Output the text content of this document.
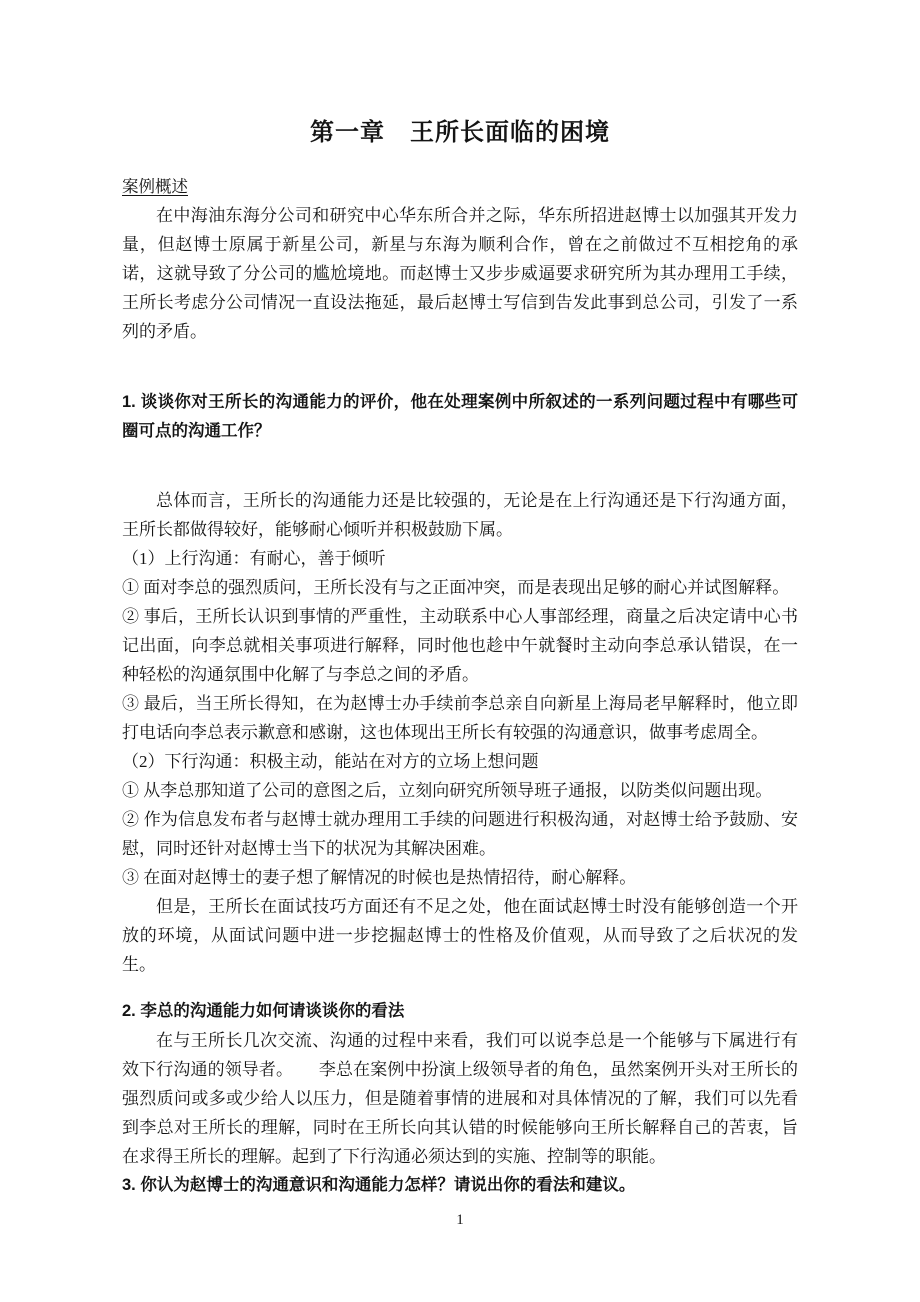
第一章　王所长面临的困境
案例概述

在中海油东海分公司和研究中心华东所合并之际，华东所招进赵博士以加强其开发力量，但赵博士原属于新星公司，新星与东海为顺利合作，曾在之前做过不互相挖角的承诺，这就导致了分公司的尴尬境地。而赵博士又步步威逼要求研究所为其办理用工手续，王所长考虑分公司情况一直设法拖延，最后赵博士写信到告发此事到总公司，引发了一系列的矛盾。

1. 谈谈你对王所长的沟通能力的评价，他在处理案例中所叙述的一系列问题过程中有哪些可圈可点的沟通工作？

总体而言，王所长的沟通能力还是比较强的，无论是在上行沟通还是下行沟通方面，王所长都做得较好，能够耐心倾听并积极鼓励下属。

（1）上行沟通：有耐心，善于倾听

① 面对李总的强烈质问，王所长没有与之正面冲突，而是表现出足够的耐心并试图解释。

② 事后，王所长认识到事情的严重性，主动联系中心人事部经理，商量之后决定请中心书记出面，向李总就相关事项进行解释，同时他也趁中午就餐时主动向李总承认错误，在一种轻松的沟通氛围中化解了与李总之间的矛盾。

③ 最后，当王所长得知，在为赵博士办手续前李总亲自向新星上海局老早解释时，他立即打电话向李总表示歉意和感谢，这也体现出王所长有较强的沟通意识，做事考虑周全。

（2）下行沟通：积极主动，能站在对方的立场上想问题

① 从李总那知道了公司的意图之后，立刻向研究所领导班子通报，以防类似问题出现。

② 作为信息发布者与赵博士就办理用工手续的问题进行积极沟通，对赵博士给予鼓励、安慰，同时还针对赵博士当下的状况为其解决困难。

③ 在面对赵博士的妻子想了解情况的时候也是热情招待，耐心解释。

但是，王所长在面试技巧方面还有不足之处，他在面试赵博士时没有能够创造一个开放的环境，从面试问题中进一步挖掘赵博士的性格及价值观，从而导致了之后状况的发生。

2. 李总的沟通能力如何请谈谈你的看法

在与王所长几次交流、沟通的过程中来看，我们可以说李总是一个能够与下属进行有效下行沟通的领导者。　　李总在案例中扮演上级领导者的角色，虽然案例开头对王所长的强烈质问或多或少给人以压力，但是随着事情的进展和对具体情况的了解，我们可以先看到李总对王所长的理解，同时在王所长向其认错的时候能够向王所长解释自己的苦衷，旨在求得王所长的理解。起到了下行沟通必须达到的实施、控制等的职能。

3. 你认为赵博士的沟通意识和沟通能力怎样？请说出你的看法和建议。

1
